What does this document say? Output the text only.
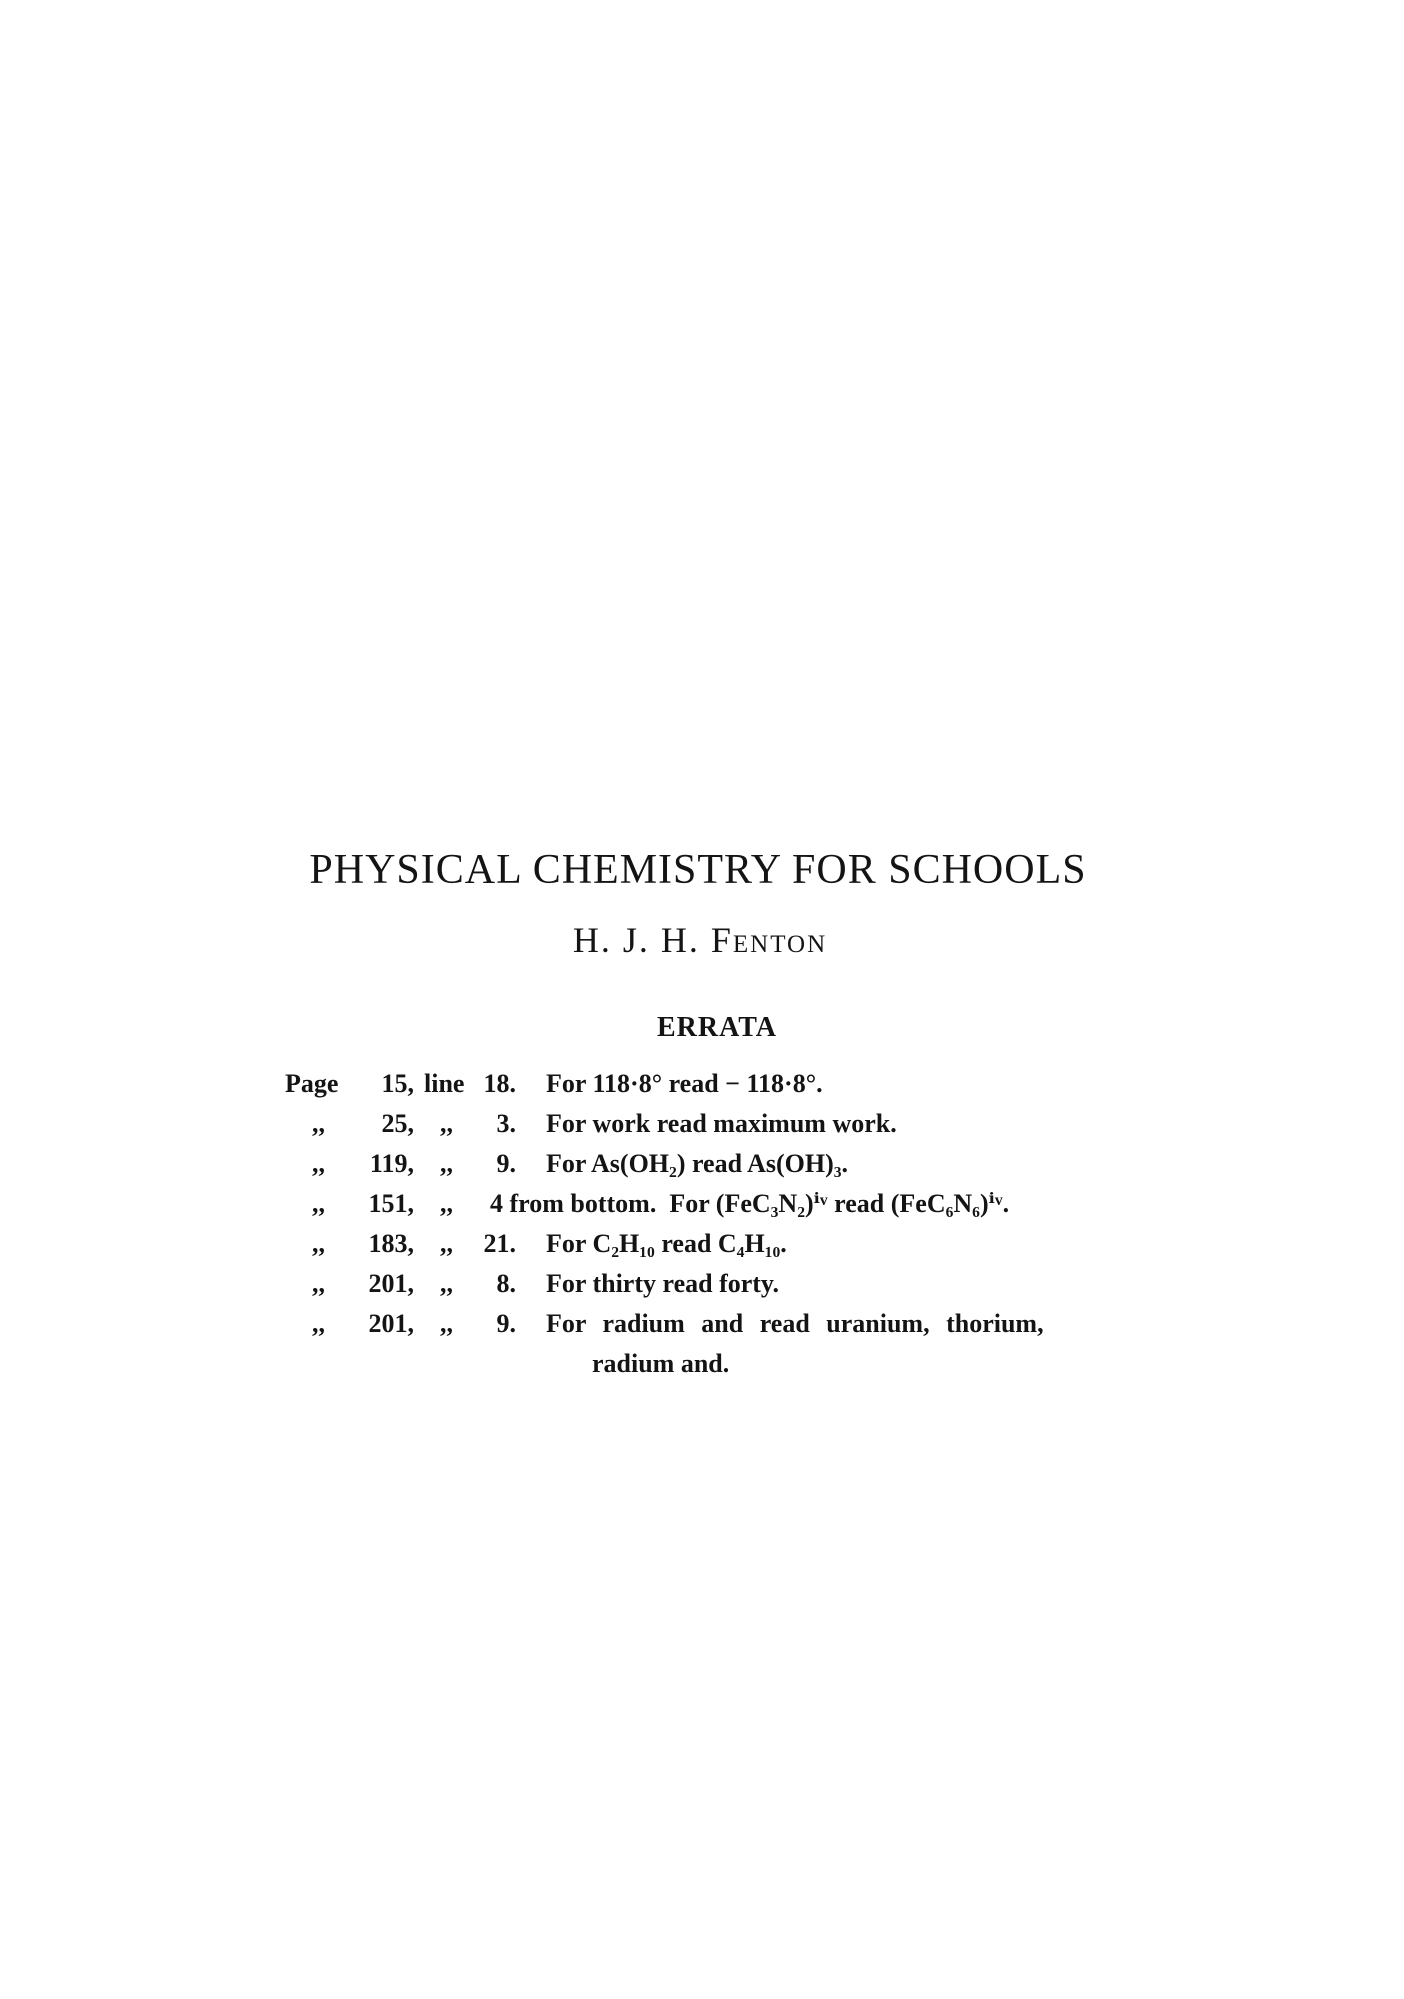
PHYSICAL CHEMISTRY FOR SCHOOLS
H. J. H. Fenton
ERRATA
Page	15, line 18. For 118·8° read − 118·8°.
,,	25, ,,	3. For work read maximum work.
,,	119, ,,	9. For As(OH₂) read As(OH)₃.
,,	151, ,, 4 from bottom. For (FeC₃N₂)ⁱᵛ read (FeC₆N₆)ⁱᵛ.
,,	183, ,,	21. For C₂H₁₀ read C₄H₁₀.
,,	201, ,,	8. For thirty read forty.
,,	201, ,,	9. For radium and read uranium, thorium,
radium and.
